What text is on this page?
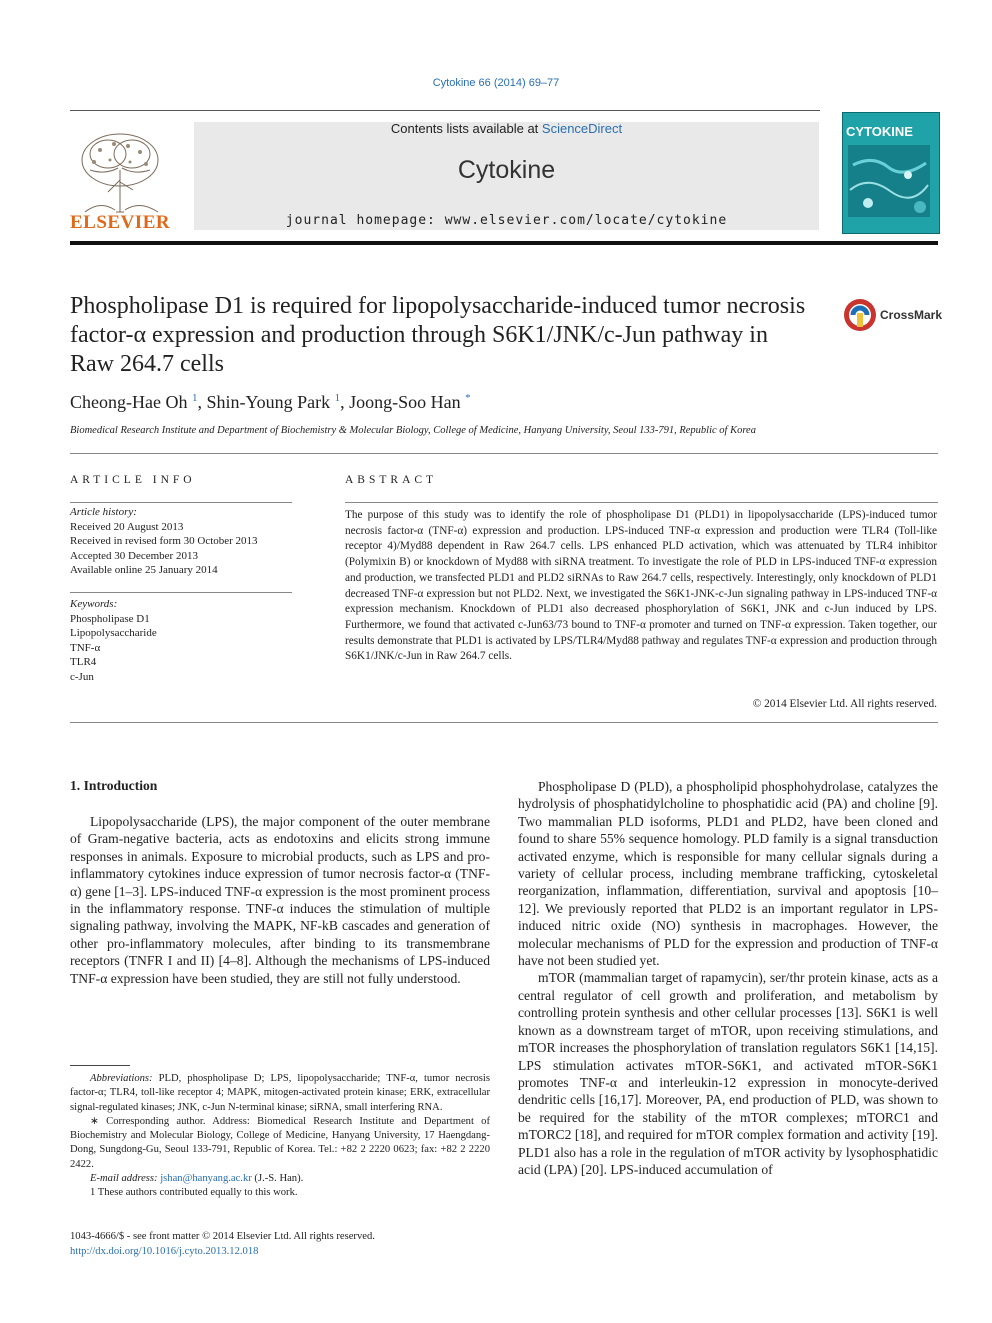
Cytokine 66 (2014) 69–77
ELSEVIER
Contents lists available at ScienceDirect
Cytokine
journal homepage: www.elsevier.com/locate/cytokine
CYTOKINE
Phospholipase D1 is required for lipopolysaccharide-induced tumor necrosis factor-α expression and production through S6K1/JNK/c-Jun pathway in Raw 264.7 cells
CrossMark
Cheong-Hae Oh $^1$, Shin-Young Park $^1$, Joong-Soo Han *
Biomedical Research Institute and Department of Biochemistry & Molecular Biology, College of Medicine, Hanyang University, Seoul 133-791, Republic of Korea
ARTICLE INFO
Article history:
Received 20 August 2013
Received in revised form 30 October 2013
Accepted 30 December 2013
Available online 25 January 2014
Keywords:
Phospholipase D1
Lipopolysaccharide
TNF-α
TLR4
c-Jun
ABSTRACT
The purpose of this study was to identify the role of phospholipase D1 (PLD1) in lipopolysaccharide (LPS)-induced tumor necrosis factor-α (TNF-α) expression and production. LPS-induced TNF-α expression and production were TLR4 (Toll-like receptor 4)/Myd88 dependent in Raw 264.7 cells. LPS enhanced PLD activation, which was attenuated by TLR4 inhibitor (Polymixin B) or knockdown of Myd88 with siRNA treatment. To investigate the role of PLD in LPS-induced TNF-α expression and production, we transfected PLD1 and PLD2 siRNAs to Raw 264.7 cells, respectively. Interestingly, only knockdown of PLD1 decreased TNF-α expression but not PLD2. Next, we investigated the S6K1-JNK-c-Jun signaling pathway in LPS-induced TNF-α expression mechanism. Knockdown of PLD1 also decreased phosphorylation of S6K1, JNK and c-Jun induced by LPS. Furthermore, we found that activated c-Jun63/73 bound to TNF-α promoter and turned on TNF-α expression. Taken together, our results demonstrate that PLD1 is activated by LPS/TLR4/Myd88 pathway and regulates TNF-α expression and production through S6K1/JNK/c-Jun in Raw 264.7 cells.
© 2014 Elsevier Ltd. All rights reserved.
1. Introduction

Lipopolysaccharide (LPS), the major component of the outer membrane of Gram-negative bacteria, acts as endotoxins and elicits strong immune responses in animals. Exposure to microbial products, such as LPS and pro-inflammatory cytokines induce expression of tumor necrosis factor-α (TNF-α) gene [1–3]. LPS-induced TNF-α expression is the most prominent process in the inflammatory response. TNF-α induces the stimulation of multiple signaling pathway, involving the MAPK, NF-kB cascades and generation of other pro-inflammatory molecules, after binding to its transmembrane receptors (TNFR I and II) [4–8]. Although the mechanisms of LPS-induced TNF-α expression have been studied, they are still not fully understood.

Phospholipase D (PLD), a phospholipid phosphohydrolase, catalyzes the hydrolysis of phosphatidylcholine to phosphatidic acid (PA) and choline [9]. Two mammalian PLD isoforms, PLD1 and PLD2, have been cloned and found to share 55% sequence homology. PLD family is a signal transduction activated enzyme, which is responsible for many cellular signals during a variety of cellular process, including membrane trafficking, cytoskeletal reorganization, inflammation, differentiation, survival and apoptosis [10–12]. We previously reported that PLD2 is an important regulator in LPS-induced nitric oxide (NO) synthesis in macrophages. However, the molecular mechanisms of PLD for the expression and production of TNF-α have not been studied yet.

mTOR (mammalian target of rapamycin), ser/thr protein kinase, acts as a central regulator of cell growth and proliferation, and metabolism by controlling protein synthesis and other cellular processes [13]. S6K1 is well known as a downstream target of mTOR, upon receiving stimulations, and mTOR increases the phosphorylation of translation regulators S6K1 [14,15]. LPS stimulation activates mTOR-S6K1, and activated mTOR-S6K1 promotes TNF-α and interleukin-12 expression in monocyte-derived dendritic cells [16,17]. Moreover, PA, end production of PLD, was shown to be required for the stability of the mTOR complexes; mTORC1 and mTORC2 [18], and required for mTOR complex formation and activity [19]. PLD1 also has a role in the regulation of mTOR activity by lysophosphatidic acid (LPA) [20]. LPS-induced accumulation of

Abbreviations: PLD, phospholipase D; LPS, lipopolysaccharide; TNF-α, tumor necrosis factor-α; TLR4, toll-like receptor 4; MAPK, mitogen-activated protein kinase; ERK, extracellular signal-regulated kinases; JNK, c-Jun N-terminal kinase; siRNA, small interfering RNA.

∗ Corresponding author. Address: Biomedical Research Institute and Department of Biochemistry and Molecular Biology, College of Medicine, Hanyang University, 17 Haengdang-Dong, Sungdong-Gu, Seoul 133-791, Republic of Korea. Tel.: +82 2 2220 0623; fax: +82 2 2220 2422.

E-mail address: jshan@hanyang.ac.kr (J.-S. Han).

1 These authors contributed equally to this work.

1043-4666/$ - see front matter © 2014 Elsevier Ltd. All rights reserved.
http://dx.doi.org/10.1016/j.cyto.2013.12.018
